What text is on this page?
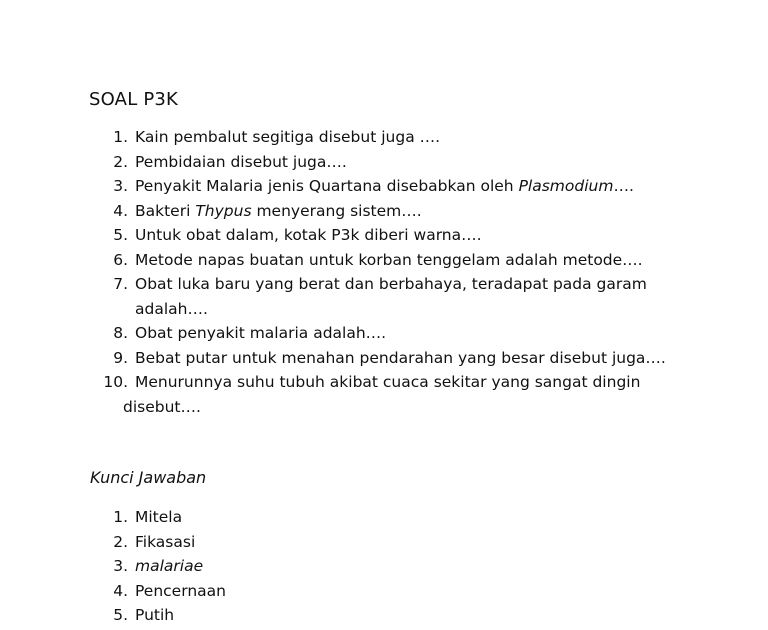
SOAL P3K
1. Kain pembalut segitiga disebut juga ….
2. Pembidaian disebut juga….
3. Penyakit Malaria jenis Quartana disebabkan oleh Plasmodium….
4. Bakteri Thypus menyerang sistem….
5. Untuk obat dalam, kotak P3k diberi warna….
6. Metode napas buatan untuk korban tenggelam adalah metode….
7. Obat luka baru yang berat dan berbahaya, teradapat pada garam
adalah….
8. Obat penyakit malaria adalah….
9. Bebat putar untuk menahan pendarahan yang besar disebut juga….
10. Menurunnya suhu tubuh akibat cuaca sekitar yang sangat dingin
disebut….
Kunci Jawaban
1. Mitela
2. Fikasasi
3. malariae
4. Pencernaan
5. Putih
